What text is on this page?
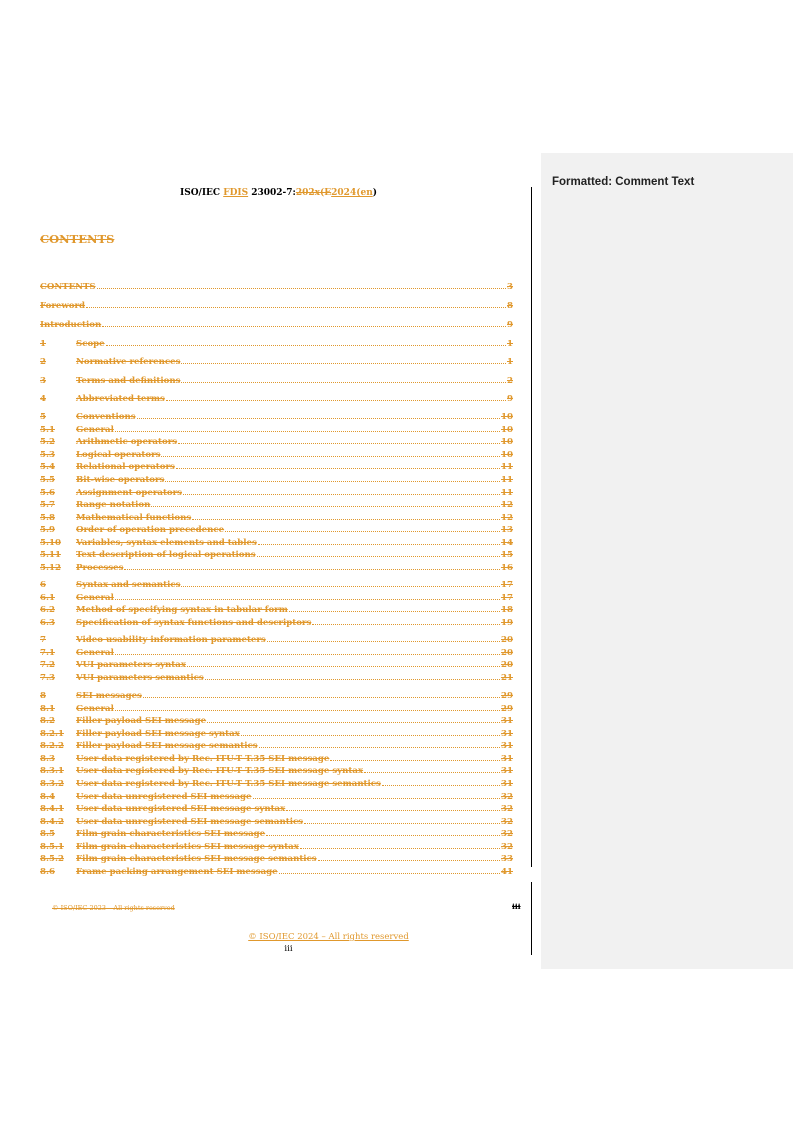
Formatted: Comment Text
ISO/IEC FDIS 23002-7:202x(E2024(en)
CONTENTS
CONTENTS	3
Foreword	8
Introduction	9
1	Scope	1
2	Normative references	1
3	Terms and definitions	2
4	Abbreviated terms	9
5	Conventions	10
5.1	General	10
5.2	Arithmetic operators	10
5.3	Logical operators	10
5.4	Relational operators	11
5.5	Bit-wise operators	11
5.6	Assignment operators	11
5.7	Range notation	12
5.8	Mathematical functions	12
5.9	Order of operation precedence	13
5.10	Variables, syntax elements and tables	14
5.11	Text description of logical operations	15
5.12	Processes	16
6	Syntax and semantics	17
6.1	General	17
6.2	Method of specifying syntax in tabular form	18
6.3	Specification of syntax functions and descriptors	19
7	Video usability information parameters	20
7.1	General	20
7.2	VUI parameters syntax	20
7.3	VUI parameters semantics	21
8	SEI messages	29
8.1	General	29
8.2	Filler payload SEI message	31
8.2.1	Filler payload SEI message syntax	31
8.2.2	Filler payload SEI message semantics	31
8.3	User data registered by Rec. ITU-T T.35 SEI message	31
8.3.1	User data registered by Rec. ITU-T T.35 SEI message syntax	31
8.3.2	User data registered by Rec. ITU-T T.35 SEI message semantics	31
8.4	User data unregistered SEI message	32
8.4.1	User data unregistered SEI message syntax	32
8.4.2	User data unregistered SEI message semantics	32
8.5	Film grain characteristics SEI message	32
8.5.1	Film grain characteristics SEI message syntax	32
8.5.2	Film grain characteristics SEI message semantics	33
8.6	Frame packing arrangement SEI message	41
© ISO/IEC 2023 – All rights reserved	iii
© ISO/IEC 2024 – All rights reserved
iii
